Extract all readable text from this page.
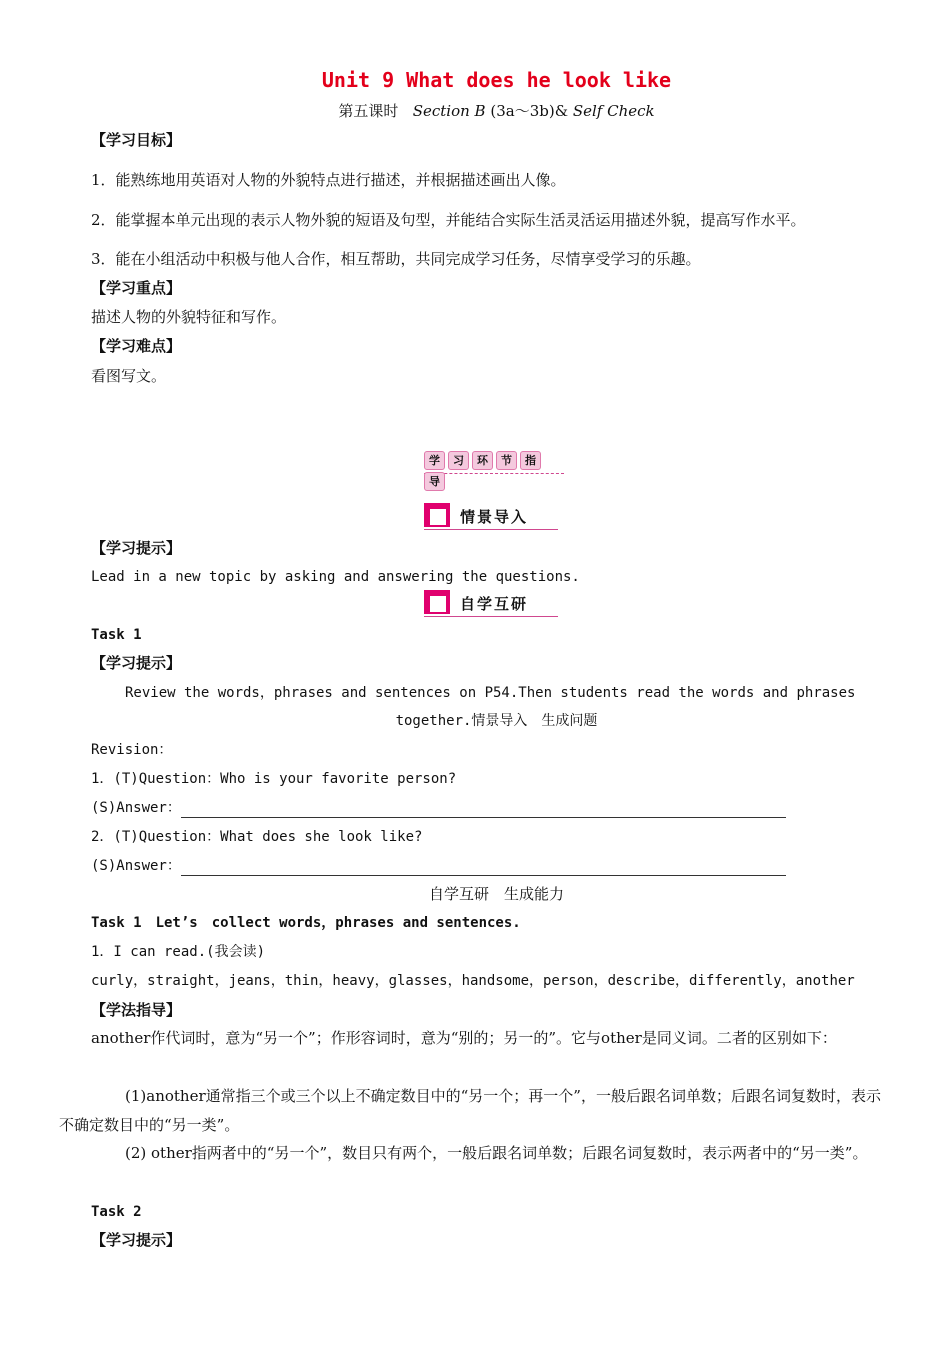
Unit 9 What does he look like
第五课时 Section B (3a～3b)& Self Check
【学习目标】
1．能熟练地用英语对人物的外貌特点进行描述，并根据描述画出人像。
2．能掌握本单元出现的表示人物外貌的短语及句型，并能结合实际生活灵活运用描述外貌，提高写作水平。
3．能在小组活动中积极与他人合作，相互帮助，共同完成学习任务，尽情享受学习的乐趣。
【学习重点】
描述人物的外貌特征和写作。
【学习难点】
看图写文。
学 习 环 节 指导
情景导入
【学习提示】
Lead in a new topic by asking and answering the questions.
自学互研
Task 1
【学习提示】
Review the words，phrases and sentences on P54.Then students read the words and phrases
together.情景导入　生成问题
Revision：
1．(T)Question：Who is your favorite person?
(S)Answer：
2．(T)Question：What does she look like?
(S)Answer：
自学互研　生成能力
Task 1　Let’s　collect words，phrases and sentences.
1．I can read.(我会读)
curly，straight，jeans，thin，heavy，glasses，handsome，person，describe，differently，another
【学法指导】
another作代词时，意为“另一个”；作形容词时，意为“别的；另一的”。它与other是同义词。二者的区别如下：
(1)another通常指三个或三个以上不确定数目中的“另一个；再一个”，一般后跟名词单数；后跟名词复数时，表示不确定数目中的“另一类”。
(2) other指两者中的“另一个”，数目只有两个，一般后跟名词单数；后跟名词复数时，表示两者中的“另一类”。
Task 2
【学习提示】
